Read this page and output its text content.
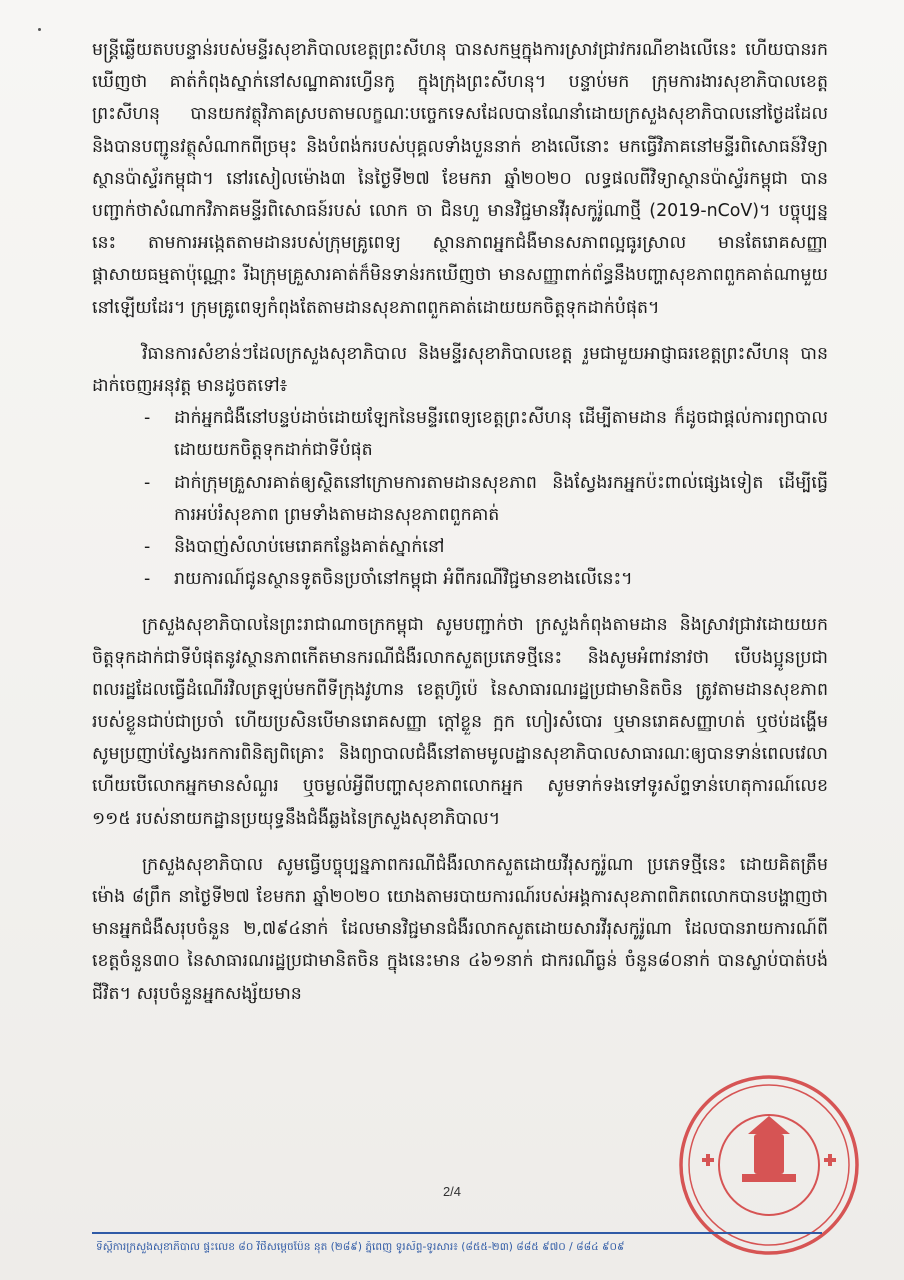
មន្ត្រីឆ្លើយតបបន្ទាន់របស់មន្ទីរសុខាភិបាលខេត្តព្រះសីហនុ បានសកម្មក្នុងការស្រាវជ្រាវករណីខាងលើនេះ ហើយបានរកឃើញថា គាត់កំពុងស្នាក់នៅសណ្ឋាគារហ្វើនកូ ក្នុងក្រុងព្រះសីហនុ។ បន្ទាប់មក ក្រុមការងារសុខាភិបាលខេត្តព្រះសីហនុ បានយកវត្ថុវិភាគស្របតាមលក្ខណៈបច្ចេកទេសដែលបានណែនាំដោយក្រសួងសុខាភិបាលនៅថ្ងៃដដែល និងបានបញ្ជូនវត្ថុសំណាកពីច្រមុះ និងបំពង់ករបស់បុគ្គលទាំងបួននាក់ ខាងលើនោះ មកធ្វើវិភាគនៅមន្ទីរពិសោធន៍វិទ្យាស្ថានប៉ាស្ទ័រកម្ពុជា។ នៅរសៀលម៉ោង៣ នៃថ្ងៃទី២៧ ខែមករា ឆ្នាំ២០២០ លទ្ធផលពីវិទ្យាស្ថានប៉ាស្ទ័រកម្ពុជា បានបញ្ជាក់ថាសំណាកវិភាគមន្ទីរពិសោធន៍របស់ លោក ចា ជិនហួ មានវិជ្ជមានវីរុសកូរ៉ូណាថ្មី (2019-nCoV)។ បច្ចុប្បន្ននេះ តាមការអង្កេតតាមដានរបស់ក្រុមគ្រូពេទ្យ ស្ថានភាពអ្នកជំងឺមានសភាពល្អធូរស្រាល មានតែរោគសញ្ញាផ្តាសាយធម្មតាប៉ុណ្ណោះ រីឯក្រុមគ្រួសារគាត់ក៏មិនទាន់រកឃើញថា មានសញ្ញាពាក់ព័ន្ធនឹងបញ្ហាសុខភាពពួកគាត់ណាមួយនៅឡើយដែរ។ ក្រុមគ្រូពេទ្យកំពុងតែតាមដានសុខភាពពួកគាត់ដោយយកចិត្តទុកដាក់បំផុត។

វិធានការសំខាន់ៗដែលក្រសួងសុខាភិបាល និងមន្ទីរសុខាភិបាលខេត្ត រួមជាមួយអាជ្ញាធរខេត្តព្រះសីហនុ បានដាក់ចេញអនុវត្ត មានដូចតទៅ៖

- ដាក់អ្នកជំងឺនៅបន្ទប់ដាច់ដោយឡែកនៃមន្ទីរពេទ្យខេត្តព្រះសីហនុ ដើម្បីតាមដាន ក៏ដូចជាផ្តល់ការព្យាបាលដោយយកចិត្តទុកដាក់ជាទីបំផុត
- ដាក់ក្រុមគ្រួសារគាត់ឲ្យស្ថិតនៅក្រោមការតាមដានសុខភាព និងស្វែងរកអ្នកប៉ះពាល់ផ្សេងទៀត ដើម្បីធ្វើការអប់រំសុខភាព ព្រមទាំងតាមដានសុខភាពពួកគាត់
- និងបាញ់សំលាប់មេរោគកន្លែងគាត់ស្នាក់នៅ
- រាយការណ៍ជូនស្ថានទូតចិនប្រចាំនៅកម្ពុជា អំពីករណីវិជ្ជមានខាងលើនេះ។

ក្រសួងសុខាភិបាលនៃព្រះរាជាណាចក្រកម្ពុជា សូមបញ្ជាក់ថា ក្រសួងកំពុងតាមដាន និងស្រាវជ្រាវដោយយកចិត្តទុកដាក់ជាទីបំផុតនូវស្ថានភាពកើតមានករណីជំងឺរលាកសួតប្រភេទថ្មីនេះ និងសូមអំពាវនាវថា បើបងប្អូនប្រជាពលរដ្ឋដែលធ្វើដំណើរវិលត្រឡប់មកពីទីក្រុងវូហាន ខេត្តហ៊ូប៉េ នៃសាធារណរដ្ឋប្រជាមានិតចិន ត្រូវតាមដានសុខភាពរបស់ខ្លួនជាប់ជាប្រចាំ ហើយប្រសិនបើមានរោគសញ្ញា ក្តៅខ្លួន ក្អក ហៀរសំបោរ ឬមានរោគសញ្ញាហត់ ឬថប់ដង្ហើម សូមប្រញាប់ស្វែងរកការពិនិត្យពិគ្រោះ និងព្យាបាលជំងឺនៅតាមមូលដ្ឋានសុខាភិបាលសាធារណៈឲ្យបានទាន់ពេលវេលា ហើយបើលោកអ្នកមានសំណួរ ឬចម្ងល់អ្វីពីបញ្ហាសុខភាពលោកអ្នក សូមទាក់ទងទៅទូរស័ព្ទទាន់ហេតុការណ៍លេខ ១១៥ របស់នាយកដ្ឋានប្រយុទ្ធនឹងជំងឺឆ្លងនៃក្រសួងសុខាភិបាល។

ក្រសួងសុខាភិបាល សូមធ្វើបច្ចុប្បន្នភាពករណីជំងឺរលាកសួតដោយវីរុសកូរ៉ូណា ប្រភេទថ្មីនេះ ដោយគិតត្រឹមម៉ោង ៨ព្រឹក នាថ្ងៃទី២៧ ខែមករា ឆ្នាំ២០២០ យោងតាមរបាយការណ៍របស់អង្គការសុខភាពពិភពលោកបានបង្ហាញថា មានអ្នកជំងឺសរុបចំនួន ២,៧៩៤នាក់ ដែលមានវិជ្ជមានជំងឺរលាកសួតដោយសារវីរុសកូរ៉ូណា ដែលបានរាយការណ៍ពីខេត្តចំនួន៣០ នៃសាធារណរដ្ឋប្រជាមានិតចិន ក្នុងនេះមាន ៤៦១នាក់ ជាករណីធ្ងន់ ចំនួន៨០នាក់ បានស្លាប់បាត់បង់ជីវិត។ សរុបចំនួនអ្នកសង្ស័យមាន

2/4
ទីស្តីការក្រសួងសុខាភិបាល ផ្ទះលេខ ៨០ វិថីសម្តេចប៉ែន នុត (២៨៩) ភ្នំពេញ ទូរស័ព្ទ-ទូរសារ៖ (៨៥៥-២៣) ៨៨៥ ៩៧០ / ៨៨៤ ៩០៩
